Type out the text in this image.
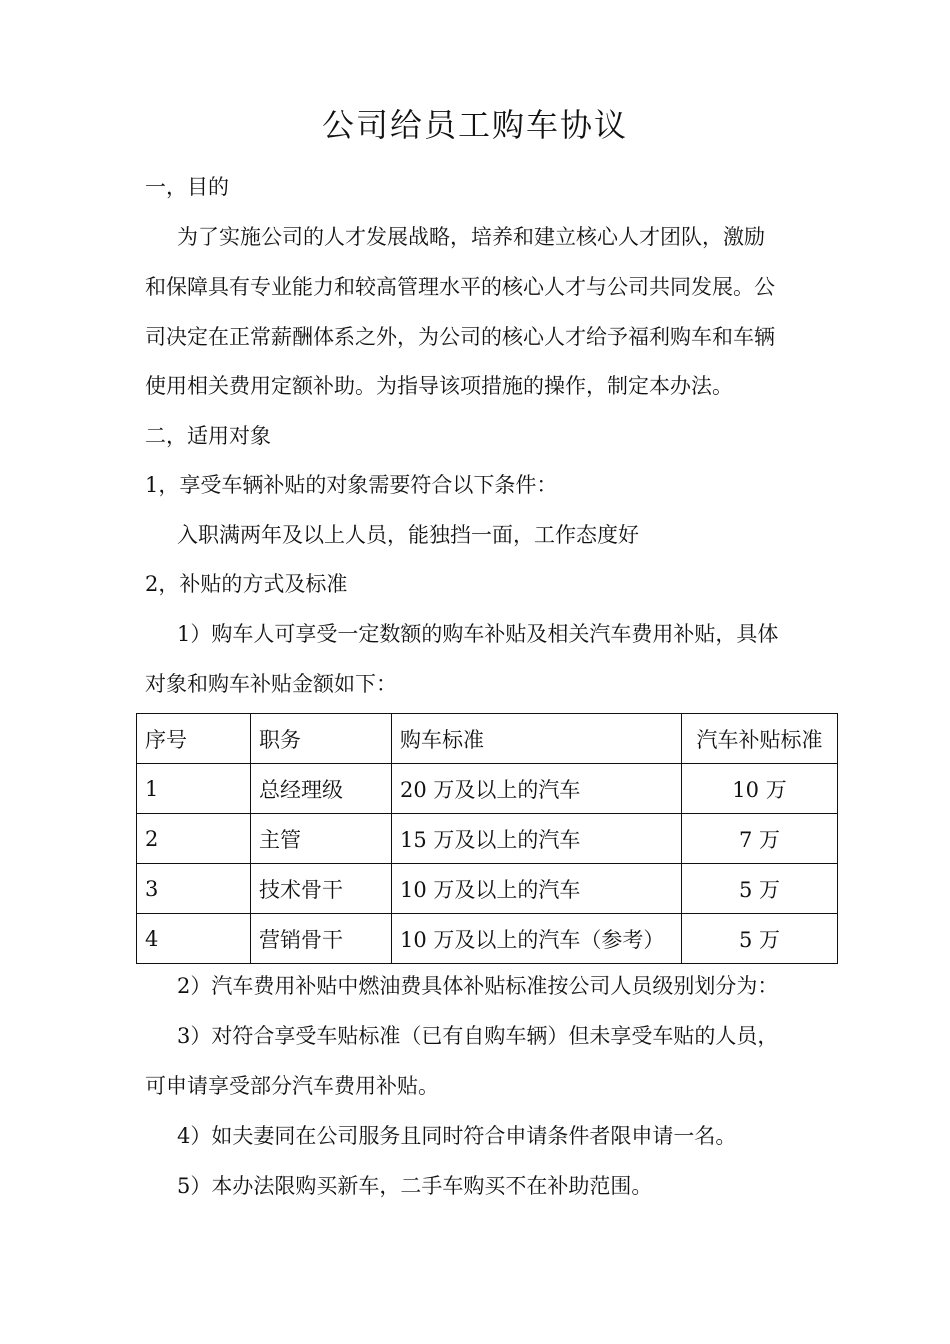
公司给员工购车协议
一，目的
为了实施公司的人才发展战略，培养和建立核心人才团队，激励
和保障具有专业能力和较高管理水平的核心人才与公司共同发展。公
司决定在正常薪酬体系之外，为公司的核心人才给予福利购车和车辆
使用相关费用定额补助。为指导该项措施的操作，制定本办法。
二，适用对象
1，享受车辆补贴的对象需要符合以下条件：
入职满两年及以上人员，能独挡一面，工作态度好
2，补贴的方式及标准
1）购车人可享受一定数额的购车补贴及相关汽车费用补贴，具体
对象和购车补贴金额如下：
序号	职务	购车标准	汽车补贴标准
1	总经理级	20 万及以上的汽车	10 万
2	主管	15 万及以上的汽车	7 万
3	技术骨干	10 万及以上的汽车	5 万
4	营销骨干	10 万及以上的汽车（参考）	5 万
2）汽车费用补贴中燃油费具体补贴标准按公司人员级别划分为：
3）对符合享受车贴标准（已有自购车辆）但未享受车贴的人员，
可申请享受部分汽车费用补贴。
4）如夫妻同在公司服务且同时符合申请条件者限申请一名。
5）本办法限购买新车，二手车购买不在补助范围。
